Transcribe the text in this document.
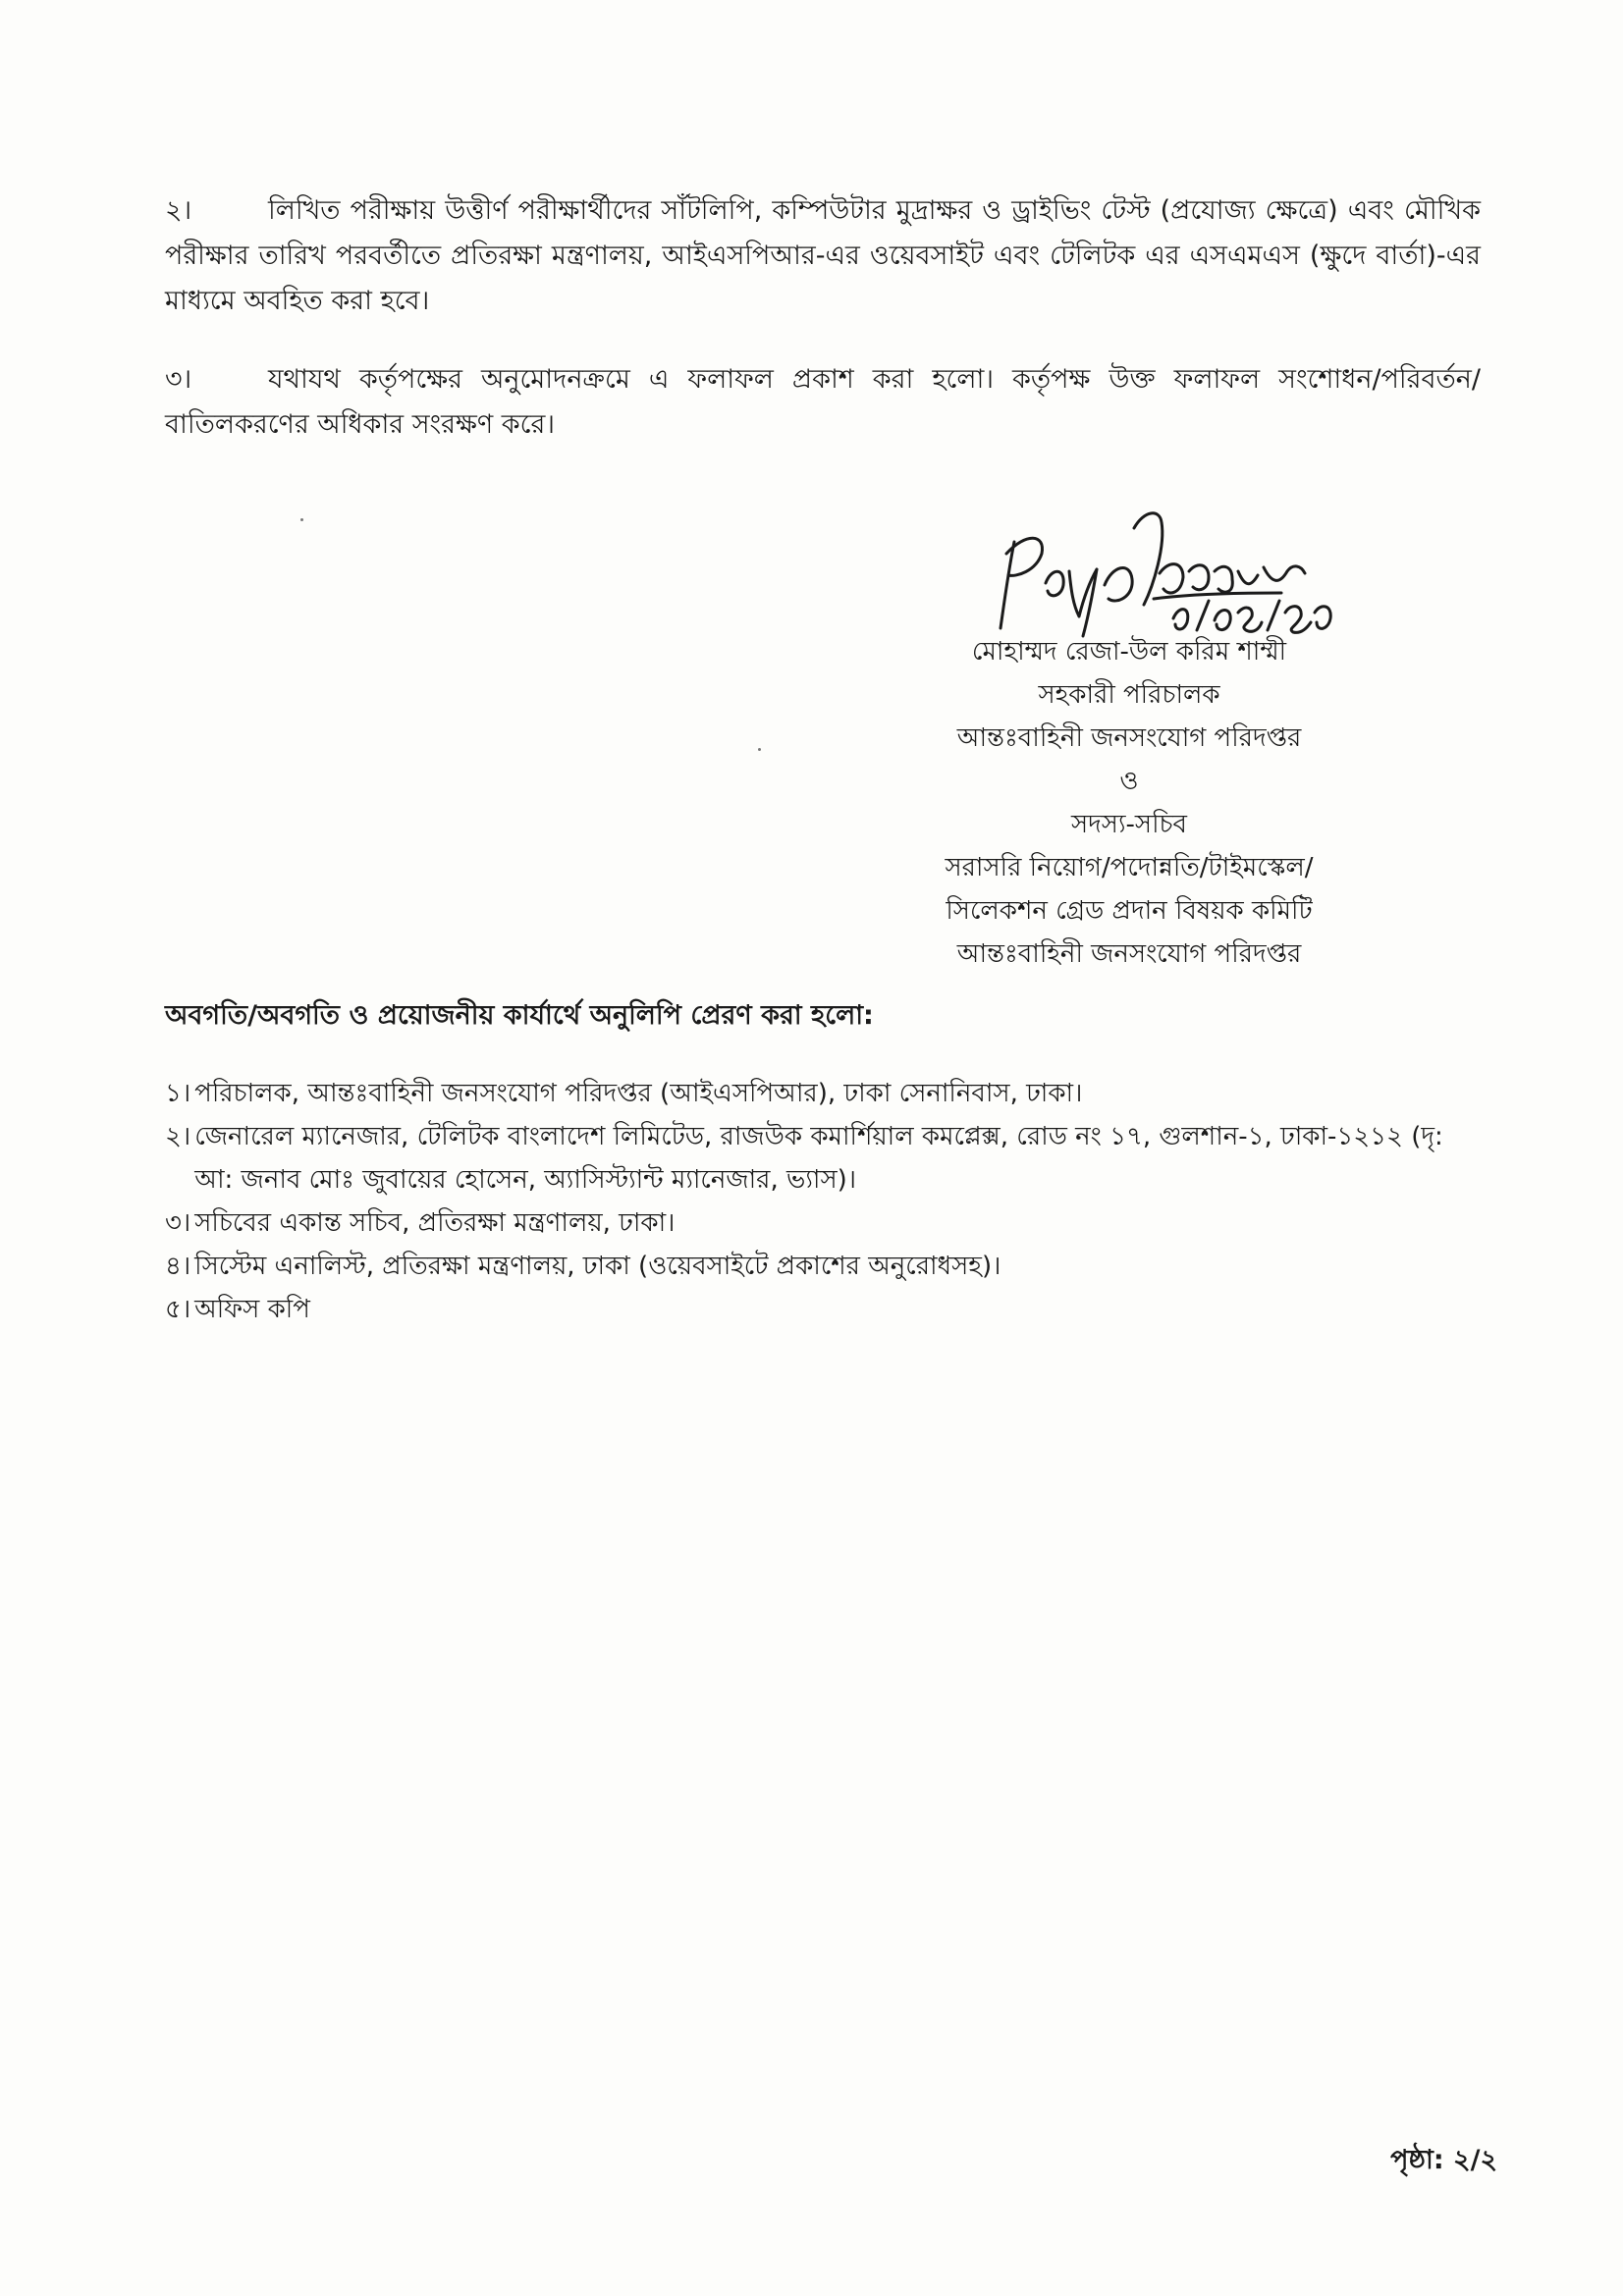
২।	লিখিত পরীক্ষায় উত্তীর্ণ পরীক্ষার্থীদের সাঁটলিপি, কম্পিউটার মুদ্রাক্ষর ও ড্রাইভিং টেস্ট (প্রযোজ্য ক্ষেত্রে) এবং মৌখিক পরীক্ষার তারিখ পরবর্তীতে প্রতিরক্ষা মন্ত্রণালয়, আইএসপিআর-এর ওয়েবসাইট এবং টেলিটক এর এসএমএস (ক্ষুদে বার্তা)-এর মাধ্যমে অবহিত করা হবে।
৩।	যথাযথ কর্তৃপক্ষের অনুমোদনক্রমে এ ফলাফল প্রকাশ করা হলো। কর্তৃপক্ষ উক্ত ফলাফল সংশোধন/পরিবর্তন/বাতিলকরণের অধিকার সংরক্ষণ করে।
মোহাম্মদ রেজা-উল করিম শাম্মী
সহকারী পরিচালক
আন্তঃবাহিনী জনসংযোগ পরিদপ্তর
ও
সদস্য-সচিব
সরাসরি নিয়োগ/পদোন্নতি/টাইমস্কেল/
সিলেকশন গ্রেড প্রদান বিষয়ক কমিটি
আন্তঃবাহিনী জনসংযোগ পরিদপ্তর
অবগতি/অবগতি ও প্রয়োজনীয় কার্যার্থে অনুলিপি প্রেরণ করা হলো:
১। পরিচালক, আন্তঃবাহিনী জনসংযোগ পরিদপ্তর (আইএসপিআর), ঢাকা সেনানিবাস, ঢাকা।
২। জেনারেল ম্যানেজার, টেলিটক বাংলাদেশ লিমিটেড, রাজউক কমার্শিয়াল কমপ্লেক্স, রোড নং ১৭, গুলশান-১, ঢাকা-১২১২ (দৃ: আ: জনাব মোঃ জুবায়ের হোসেন, অ্যাসিস্ট্যান্ট ম্যানেজার, ভ্যাস)।
৩। সচিবের একান্ত সচিব, প্রতিরক্ষা মন্ত্রণালয়, ঢাকা।
৪। সিস্টেম এনালিস্ট, প্রতিরক্ষা মন্ত্রণালয়, ঢাকা (ওয়েবসাইটে প্রকাশের অনুরোধসহ)।
৫। অফিস কপি
পৃষ্ঠা: ২/২
